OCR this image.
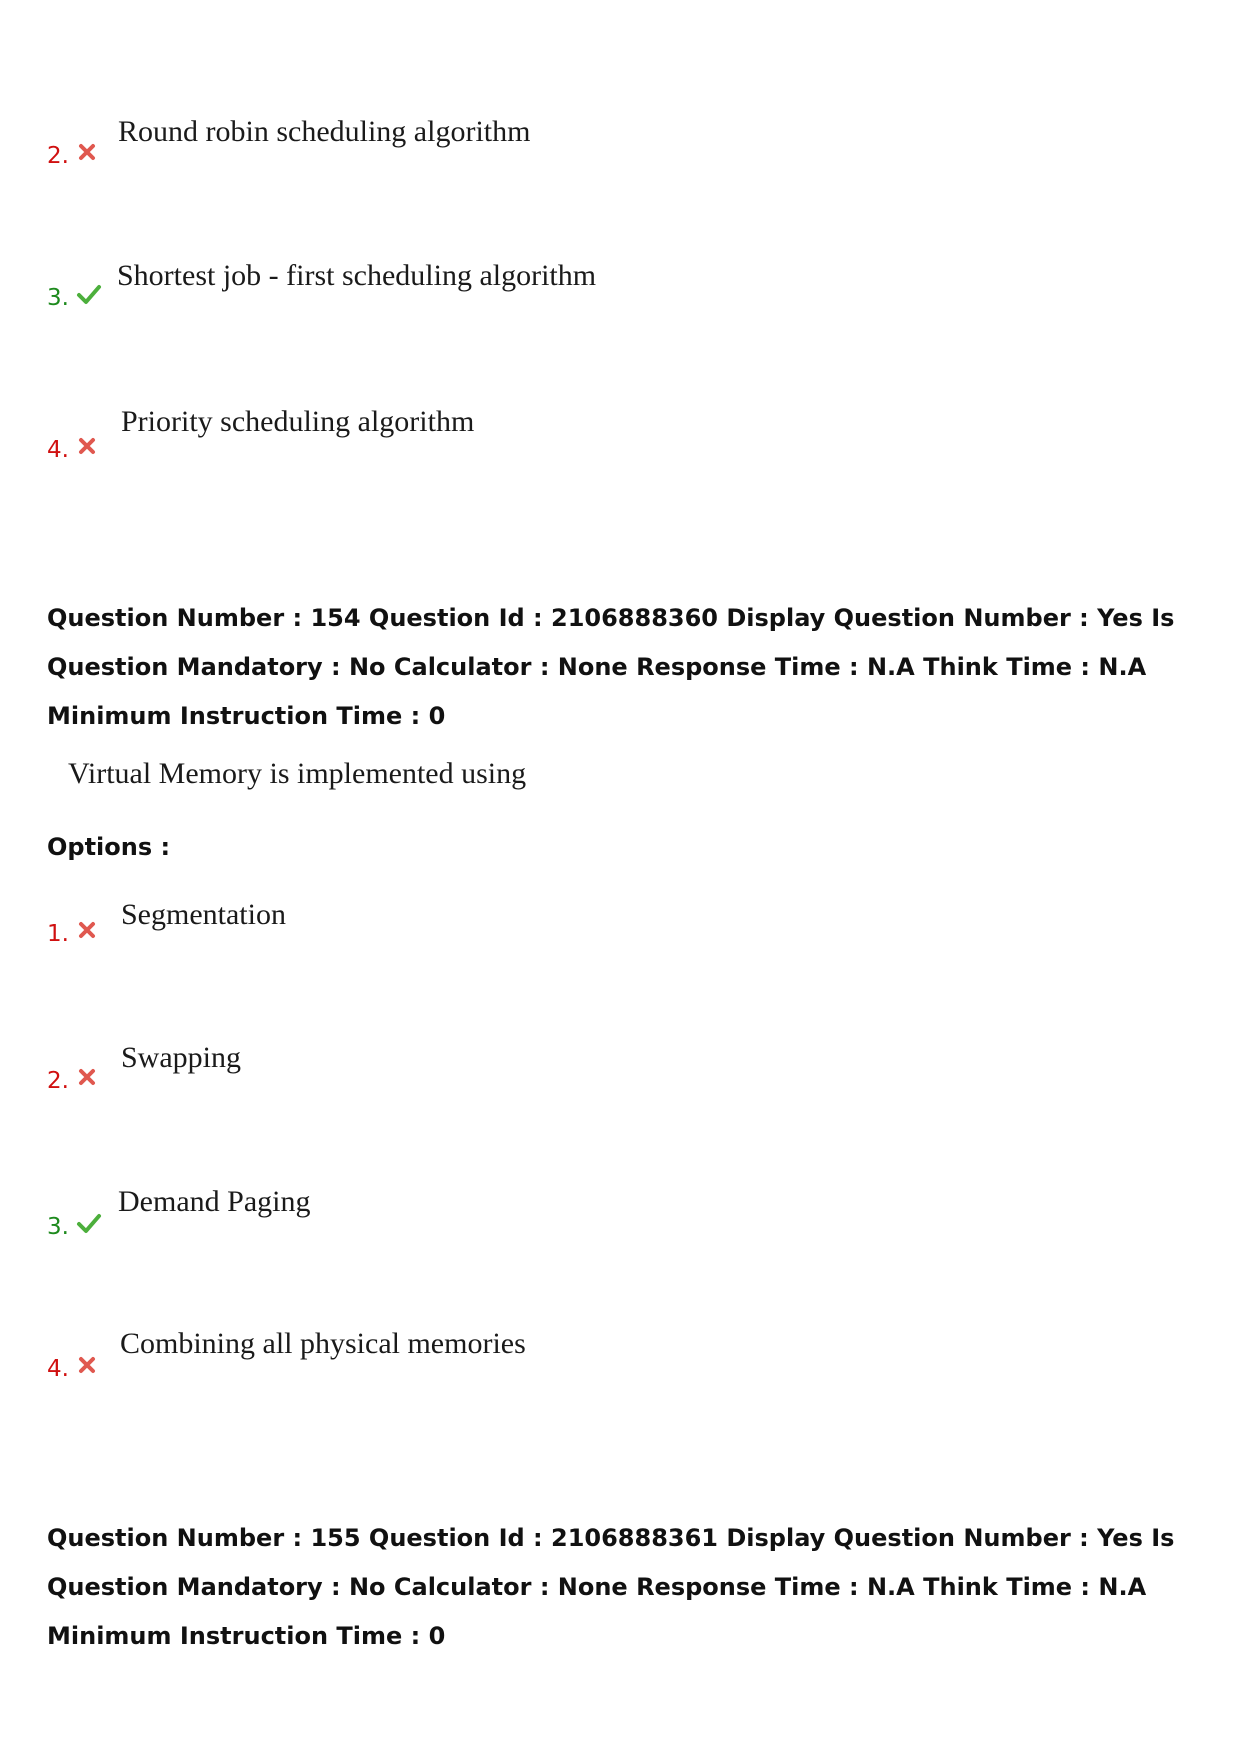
2.
Round robin scheduling algorithm
3.
Shortest job - first scheduling algorithm
4.
Priority scheduling algorithm

Question Number : 154 Question Id : 2106888360 Display Question Number : Yes Is Question Mandatory : No Calculator : None Response Time : N.A Think Time : N.A Minimum Instruction Time : 0

Virtual Memory is implemented using
Options :
1.
Segmentation
2.
Swapping
3.
Demand Paging
4.
Combining all physical memories

Question Number : 155 Question Id : 2106888361 Display Question Number : Yes Is Question Mandatory : No Calculator : None Response Time : N.A Think Time : N.A Minimum Instruction Time : 0
